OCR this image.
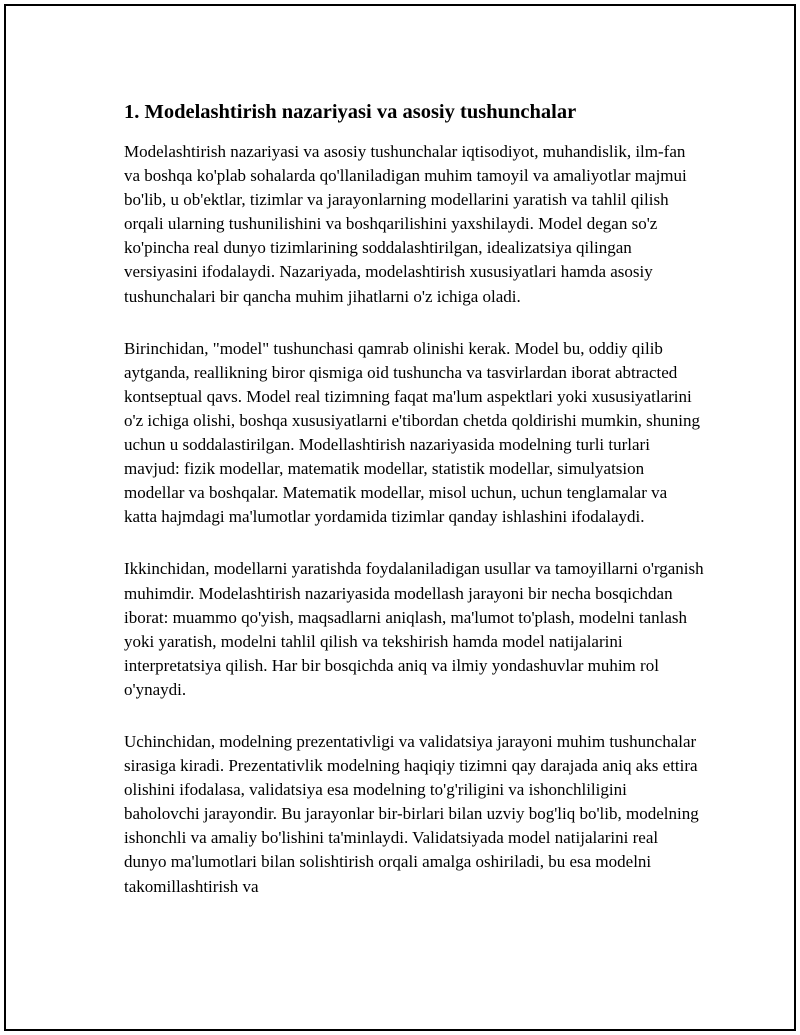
1. Modelashtirish nazariyasi va asosiy tushunchalar

Modelashtirish nazariyasi va asosiy tushunchalar iqtisodiyot, muhandislik, ilm-fan va boshqa ko'plab sohalarda qo'llaniladigan muhim tamoyil va amaliyotlar majmui bo'lib, u ob'ektlar, tizimlar va jarayonlarning modellarini yaratish va tahlil qilish orqali ularning tushunilishini va boshqarilishini yaxshilaydi. Model degan so'z ko'pincha real dunyo tizimlarining soddalashtirilgan, idealizatsiya qilingan versiyasini ifodalaydi. Nazariyada, modelashtirish xususiyatlari hamda asosiy tushunchalari bir qancha muhim jihatlarni o'z ichiga oladi.

Birinchidan, "model" tushunchasi qamrab olinishi kerak. Model bu, oddiy qilib aytganda, reallikning biror qismiga oid tushuncha va tasvirlardan iborat abtracted kontseptual qavs. Model real tizimning faqat ma'lum aspektlari yoki xususiyatlarini o'z ichiga olishi, boshqa xususiyatlarni e'tibordan chetda qoldirishi mumkin, shuning uchun u soddalastirilgan. Modellashtirish nazariyasida modelning turli turlari mavjud: fizik modellar, matematik modellar, statistik modellar, simulyatsion modellar va boshqalar. Matematik modellar, misol uchun, uchun tenglamalar va katta hajmdagi ma'lumotlar yordamida tizimlar qanday ishlashini ifodalaydi.

Ikkinchidan, modellarni yaratishda foydalaniladigan usullar va tamoyillarni o'rganish muhimdir. Modelashtirish nazariyasida modellash jarayoni bir necha bosqichdan iborat: muammo qo'yish, maqsadlarni aniqlash, ma'lumot to'plash, modelni tanlash yoki yaratish, modelni tahlil qilish va tekshirish hamda model natijalarini interpretatsiya qilish. Har bir bosqichda aniq va ilmiy yondashuvlar muhim rol o'ynaydi.

Uchinchidan, modelning prezentativligi va validatsiya jarayoni muhim tushunchalar sirasiga kiradi. Prezentativlik modelning haqiqiy tizimni qay darajada aniq aks ettira olishini ifodalasa, validatsiya esa modelning to'g'riligini va ishonchliligini baholovchi jarayondir. Bu jarayonlar bir-birlari bilan uzviy bog'liq bo'lib, modelning ishonchli va amaliy bo'lishini ta'minlaydi. Validatsiyada model natijalarini real dunyo ma'lumotlari bilan solishtirish orqali amalga oshiriladi, bu esa modelni takomillashtirish va
